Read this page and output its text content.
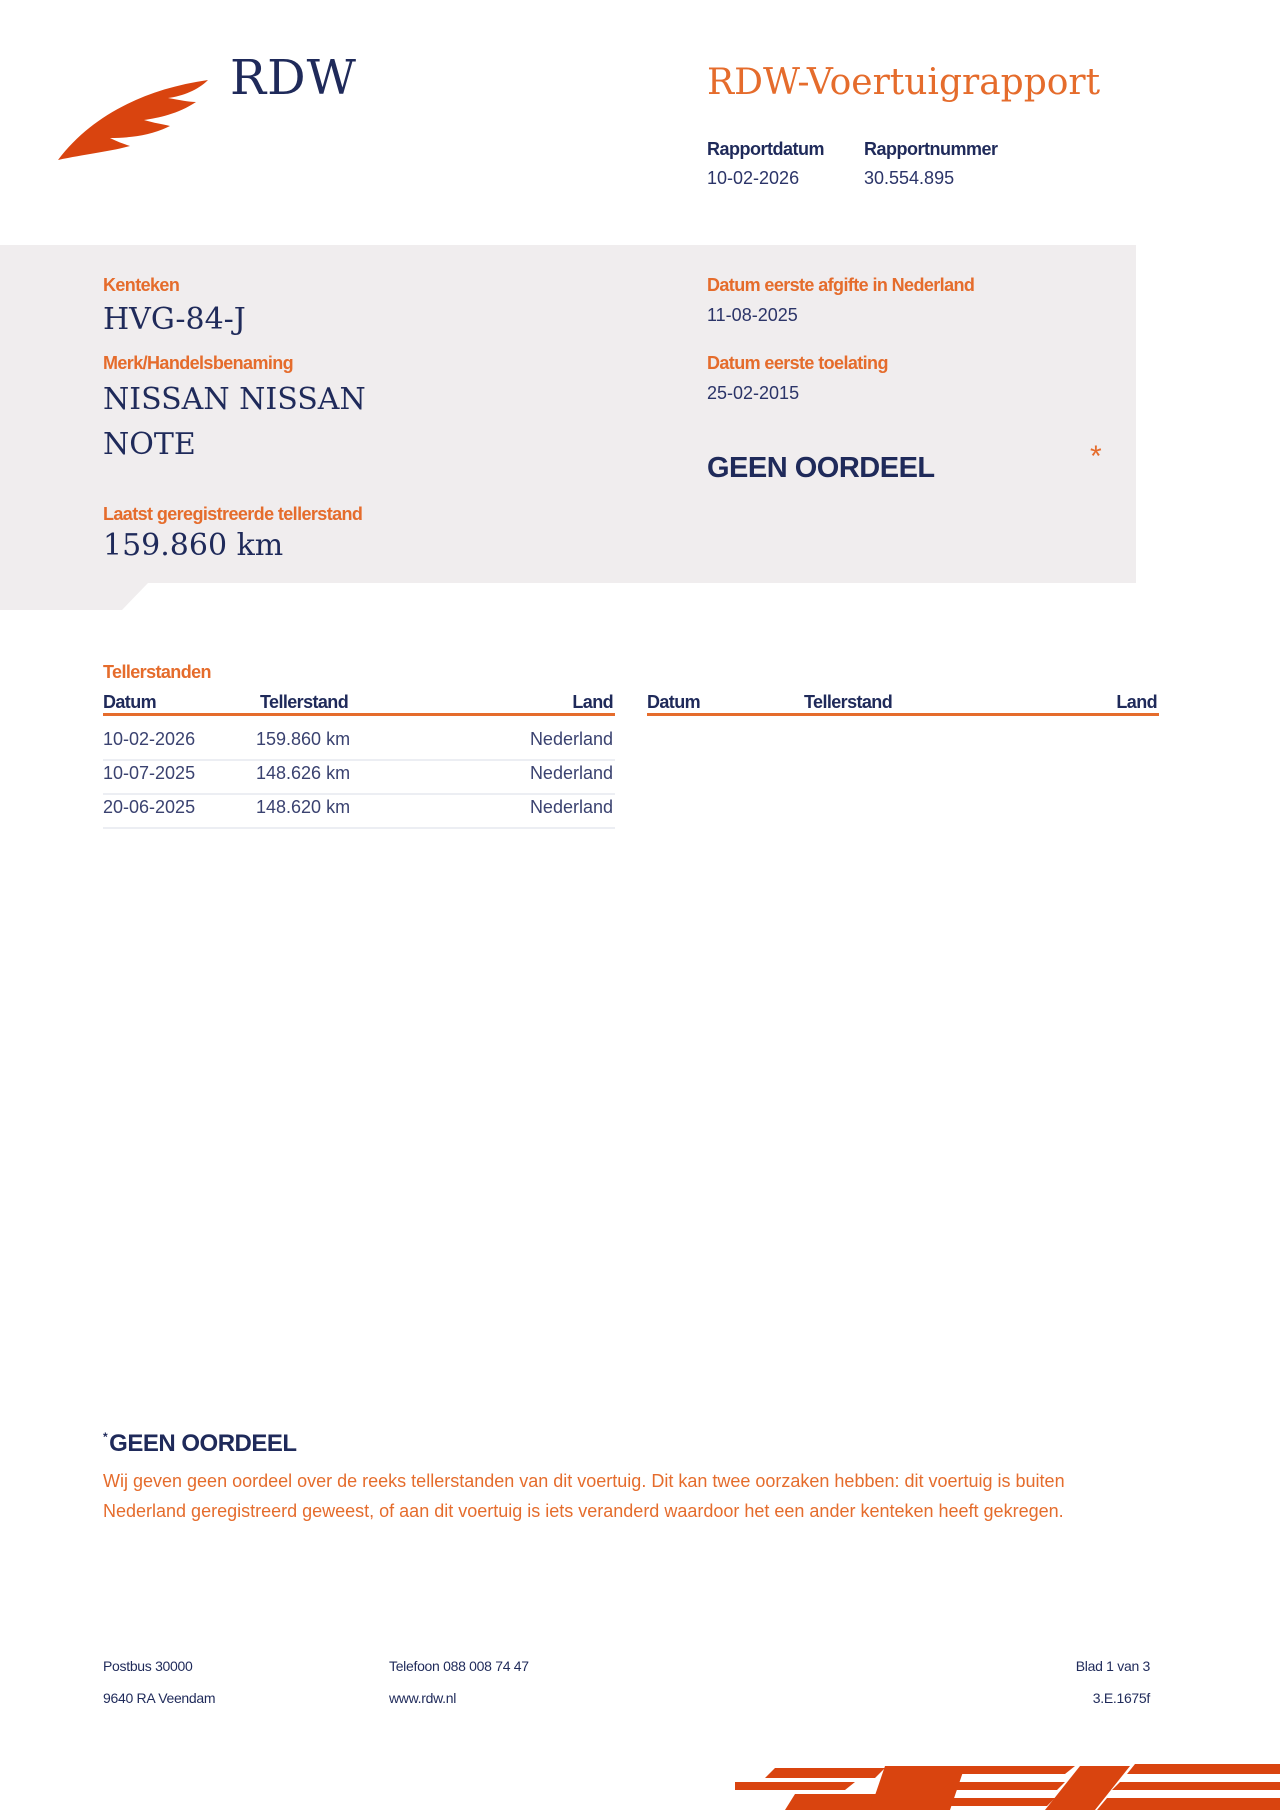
RDW	RDW-Voertuigrapport
Rapportdatum
10-02-2026
Rapportnummer
30.554.895
Kenteken
HVG-84-J
Merk/Handelsbenaming
NISSAN NISSAN
NOTE
Laatst geregistreerde tellerstand
159.860 km
Datum eerste afgifte in Nederland
11-08-2025
Datum eerste toelating
25-02-2015
GEEN OORDEEL	*
Tellerstanden
Datum	Tellerstand	Land Datum	Tellerstand	Land
10-02-2026	159.860 km	Nederland
10-07-2025	148.626 km	Nederland
20-06-2025	148.620 km	Nederland
*GEEN OORDEEL
Wij geven geen oordeel over de reeks tellerstanden van dit voertuig. Dit kan twee oorzaken hebben: dit voertuig is buiten Nederland geregistreerd geweest, of aan dit voertuig is iets veranderd waardoor het een ander kenteken heeft gekregen.
Postbus 30000
9640 RA Veendam
Telefoon 088 008 74 47
www.rdw.nl
Blad 1 van 3
3.E.1675f
